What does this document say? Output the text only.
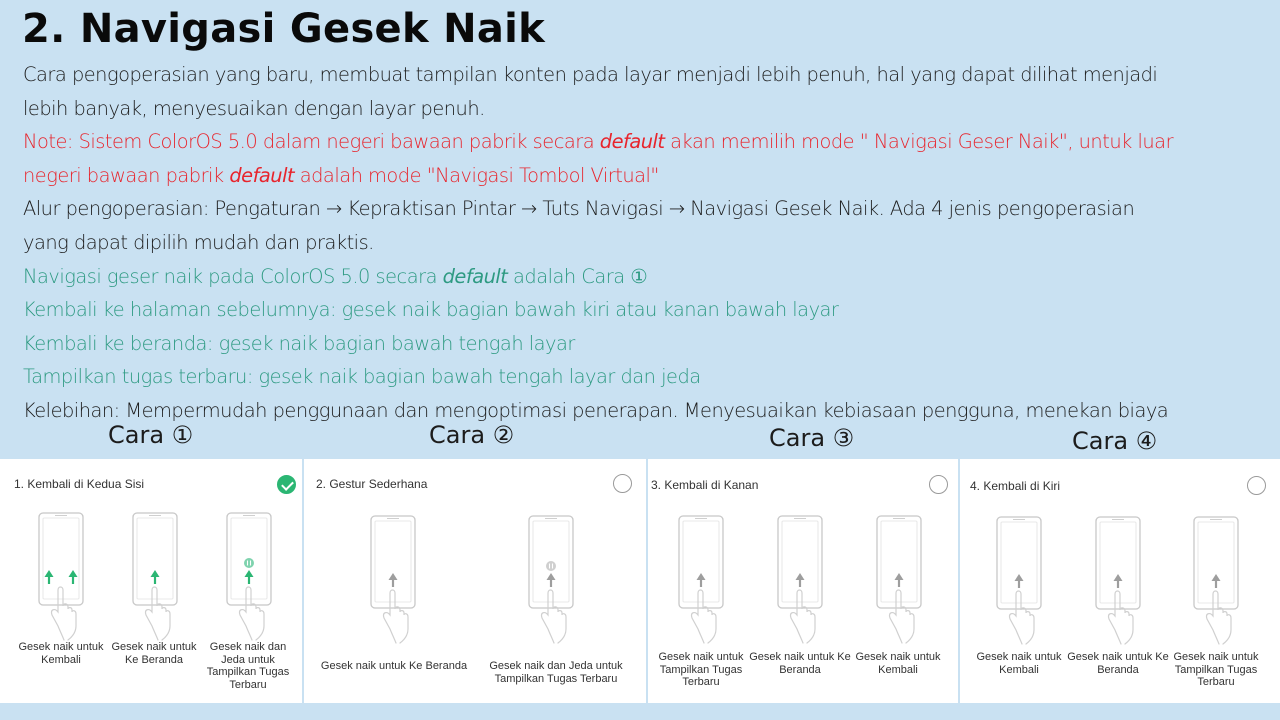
2. Navigasi Gesek Naik
Cara pengoperasian yang baru, membuat tampilan konten pada layar menjadi lebih penuh, hal yang dapat dilihat menjadi
lebih banyak, menyesuaikan dengan layar penuh.
Note: Sistem ColorOS 5.0 dalam negeri bawaan pabrik secara default akan memilih mode " Navigasi Geser Naik", untuk luar
negeri bawaan pabrik default adalah mode "Navigasi Tombol Virtual"
Alur pengoperasian: Pengaturan → Kepraktisan Pintar → Tuts Navigasi → Navigasi Gesek Naik. Ada 4 jenis pengoperasian
yang dapat dipilih mudah dan praktis.
Navigasi geser naik pada ColorOS 5.0 secara default adalah Cara ①
Kembali ke halaman sebelumnya: gesek naik bagian bawah kiri atau kanan bawah layar
Kembali ke beranda: gesek naik bagian bawah tengah layar
Tampilkan tugas terbaru: gesek naik bagian bawah tengah layar dan jeda
Kelebihan: Mempermudah penggunaan dan mengoptimasi penerapan. Menyesuaikan kebiasaan pengguna, menekan biaya
Cara ①	Cara ②	Cara ③	Cara ④
1. Kembali di Kedua Sisi
Gesek naik untuk Kembali
Gesek naik untuk Ke Beranda
Gesek naik dan Jeda untuk Tampilkan Tugas Terbaru
2. Gestur Sederhana
Gesek naik untuk Ke Beranda	Gesek naik dan Jeda untuk Tampilkan Tugas Terbaru
3. Kembali di Kanan
Gesek naik untuk Tampilkan Tugas Terbaru
Gesek naik untuk Ke Beranda
Gesek naik untuk Kembali
4. Kembali di Kiri
Gesek naik untuk Kembali
Gesek naik untuk Ke Beranda
Gesek naik untuk Tampilkan Tugas Terbaru
